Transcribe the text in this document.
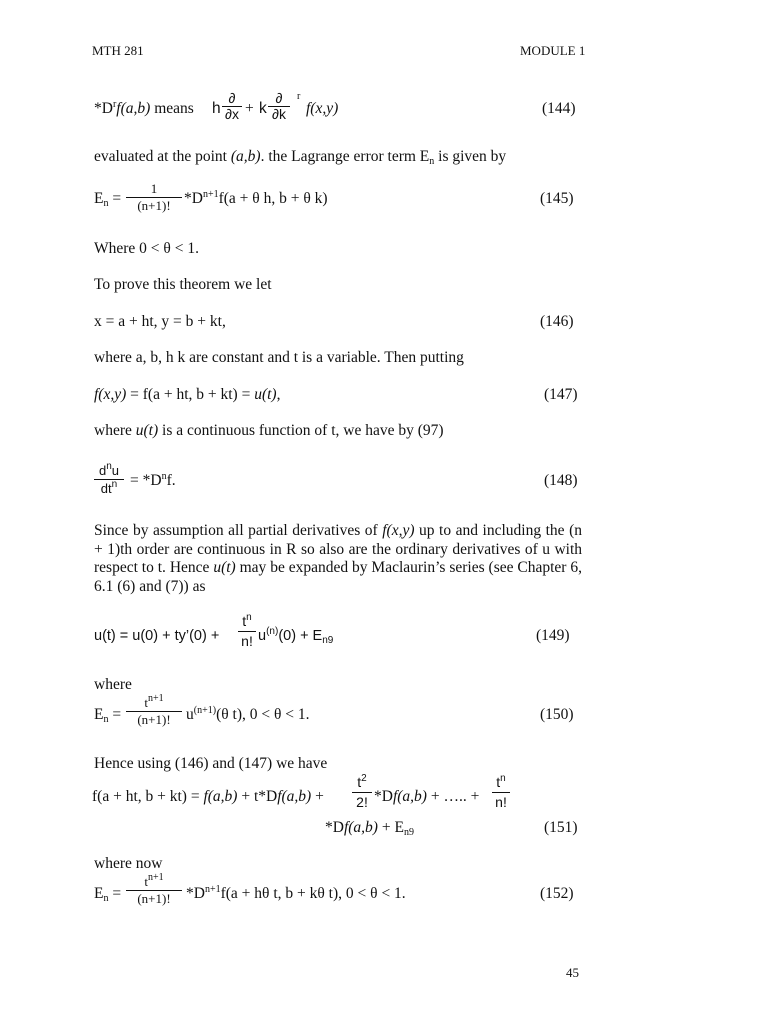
MTH 281	MODULE 1
$*D^rf(a,b)$ means h
∂
∂x + k
∂
∂k
r
f(x,y)	(144)
evaluated at the point (a,b). the Lagrange error term $E_n$ is given by
$E_n$ =
1
(n+1)! $*D^{n+1}f(a + \theta$ h, b + θ k)	(145)
Where 0 < θ < 1.
To prove this theorem we let
x = a + ht, y = b + kt,	(146)
where a, b, h k are constant and t is a variable. Then putting
f(x,y) = f(a + ht, b + kt) = u(t),	(147)
where u(t) is a continuous function of t, we have by (97)
$d^nu$
$dt^n = *D^nf$.	(148)
Since by assumption all partial derivatives of f(x,y) up to and including the (n + 1)th order are continuous in R so also are the ordinary derivatives of u with respect to t. Hence u(t) may be expanded by Maclaurin’s series (see Chapter 6, 6.1 (6) and (7)) as
u(t) = u(0) + ty’(0) +
$t^n$
n! $u^{(n)}(0) + E_{n9}$	(149)
where
$E_n$ =
$t^{n+1}$
(n+1)! $u^{(n+1)}(\theta$ t), 0 < θ < 1.	(150)
Hence using (146) and (147) we have
f(a + ht, b + kt) = f(a,b) + t*Df(a,b) +
$t^2$
2! *Df(a,b) + ….. +
$t^n$
n!
$*Df(a,b) + E_{n9}$	(151)
where now
$E_n$ =
$t^{n+1}$
(n+1)! $*D^{n+1}f(a + h\theta$ t, b + kθ t), 0 < θ < 1.	(152)
45
